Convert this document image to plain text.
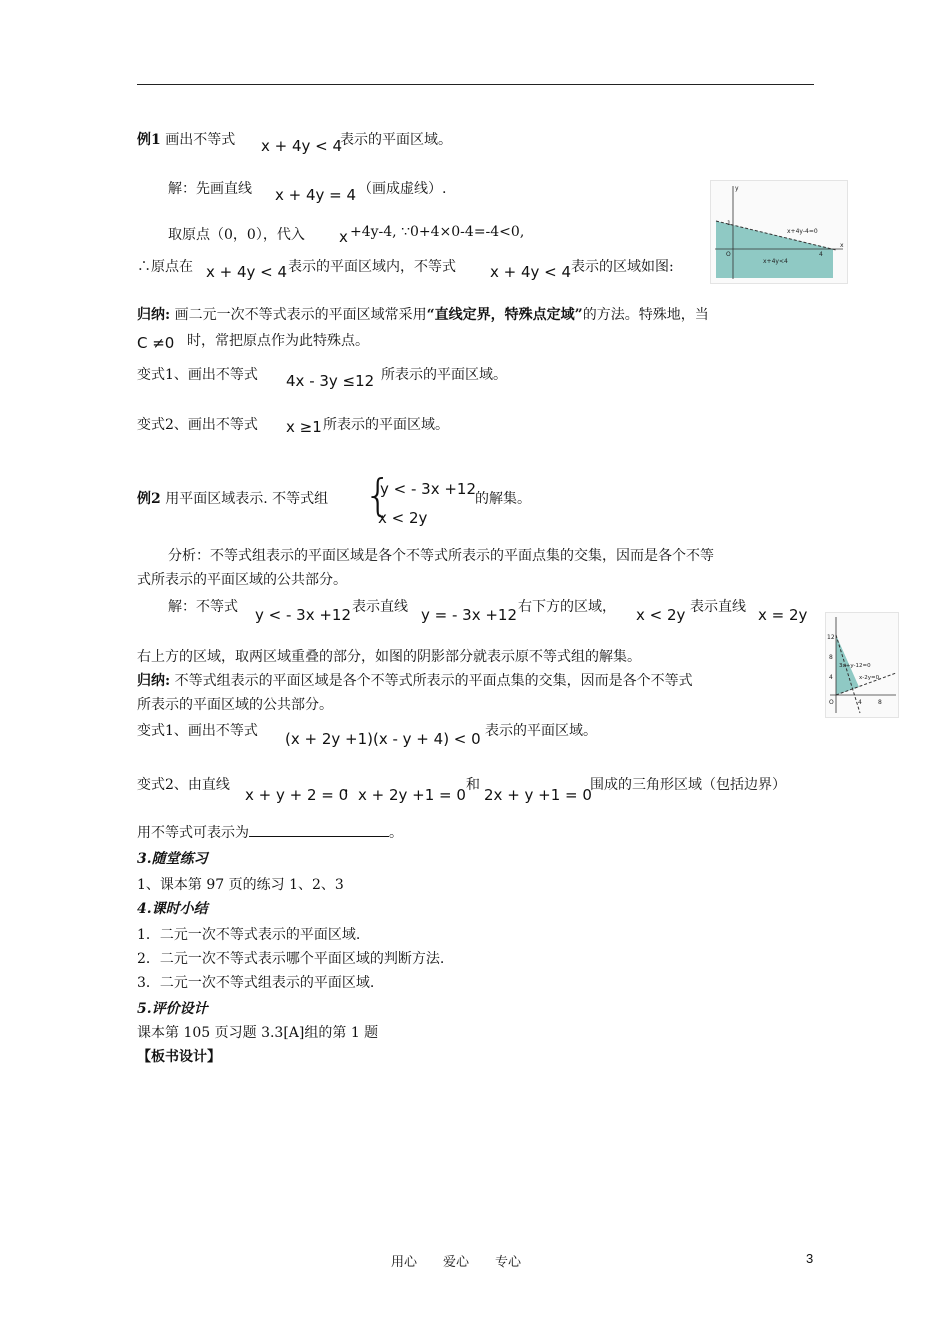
例1 画出不等式 x + 4y < 4
表示的平面区域。
解：先画直线 x + 4y = 4 （画成虚线）.
取原点（0，0），代入 x +4y-4, ∵0+4×0-4=-4<0,
∴原点在 x + 4y < 4 表示的平面区域内，不等式 x + 4y < 4 表示的区域如图:
x+4y-4=0
x+4y<4
O
x
y
1
4
归纳: 画二元一次不等式表示的平面区域常采用“直线定界，特殊点定域”的方法。特殊地，当
C ≠0 时，常把原点作为此特殊点。
变式1、画出不等式 4x - 3y ≤12 所表示的平面区域。
变式2、画出不等式 x ≥1 所表示的平面区域。
例2 用平面区域表示. 不等式组 {
y < - 3x +12
x < 2y
的解集。
分析：不等式组表示的平面区域是各个不等式所表示的平面点集的交集，因而是各个不等
式所表示的平面区域的公共部分。
解：不等式 y < - 3x +12 表示直线 y = - 3x +12 右下方的区域， x < 2y 表示直线 x = 2y
右上方的区域，取两区域重叠的部分，如图的阴影部分就表示原不等式组的解集。
3x+y-12=0
x-2y=0
12
8
4
O	4	8
归纳: 不等式组表示的平面区域是各个不等式所表示的平面点集的交集，因而是各个不等式
所表示的平面区域的公共部分。
变式1、画出不等式 (x + 2y +1)(x - y + 4) < 0 表示的平面区域。
变式2、由直线
x + y + 2 = 0
， x + 2y +1 = 0
和
2x + y +1 = 0
围成的三角形区域（包括边界）
用不等式可表示为	。
3.随堂练习
1、课本第 97 页的练习 1、2、3
4.课时小结
1．二元一次不等式表示的平面区域.
2．二元一次不等式表示哪个平面区域的判断方法.
3．二元一次不等式组表示的平面区域.
5.评价设计
课本第 105 页习题 3.3[A]组的第 1 题
【板书设计】
用心　　爱心　　专心	3
